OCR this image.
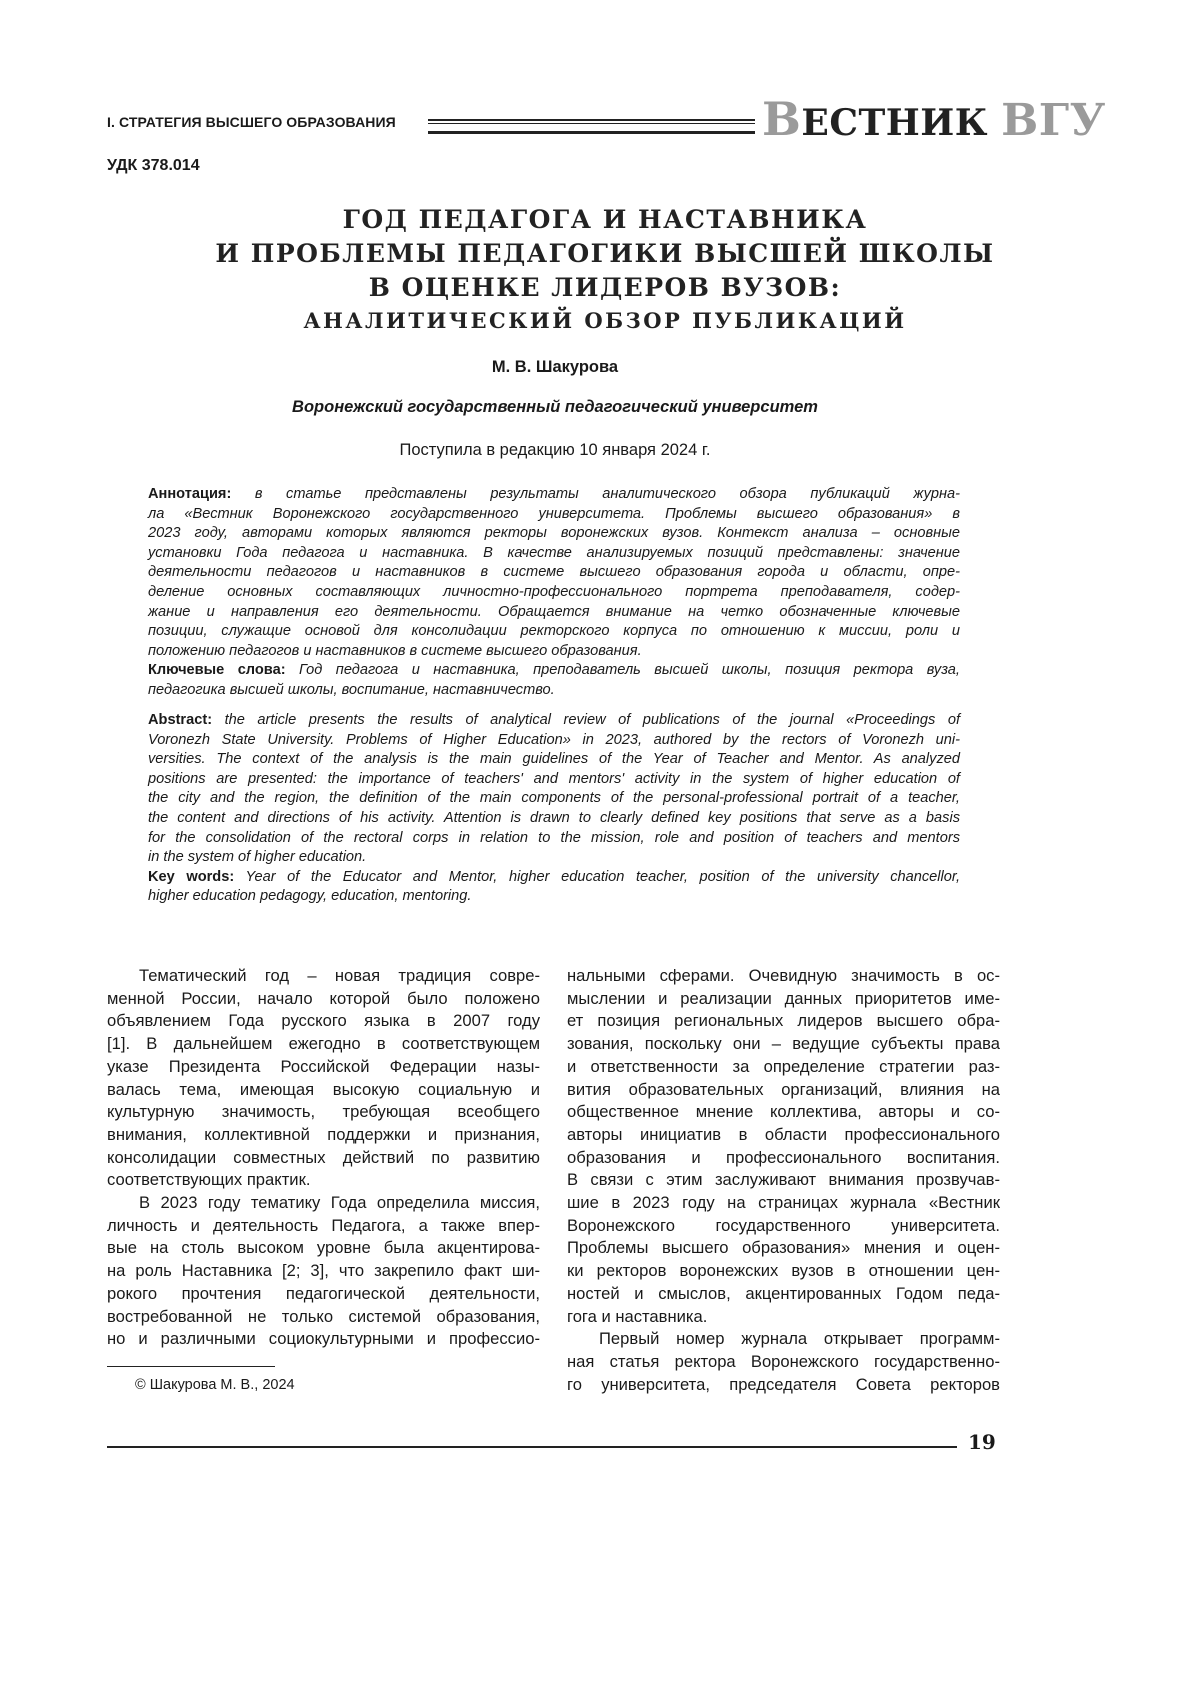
I. СТРАТЕГИЯ ВЫСШЕГО ОБРАЗОВАНИЯ	ВЕСТНИК ВГУ
УДК 378.014
ГОД ПЕДАГОГА И НАСТАВНИКА
И ПРОБЛЕМЫ ПЕДАГОГИКИ ВЫСШЕЙ ШКОЛЫ
В ОЦЕНКЕ ЛИДЕРОВ ВУЗОВ:
АНАЛИТИЧЕСКИЙ ОБЗОР ПУБЛИКАЦИЙ
М. В. Шакурова
Воронежский государственный педагогический университет
Поступила в редакцию 10 января 2024 г.
Аннотация: в статье представлены результаты аналитического обзора публикаций журна-
ла «Вестник Воронежского государственного университета. Проблемы высшего образования» в
2023 году, авторами которых являются ректоры воронежских вузов. Контекст анализа – основные
установки Года педагога и наставника. В качестве анализируемых позиций представлены: значение
деятельности педагогов и наставников в системе высшего образования города и области, опре-
деление основных составляющих личностно-профессионального портрета преподавателя, содер-
жание и направления его деятельности. Обращается внимание на четко обозначенные ключевые
позиции, служащие основой для консолидации ректорского корпуса по отношению к миссии, роли и
положению педагогов и наставников в системе высшего образования.
Ключевые слова: Год педагога и наставника, преподаватель высшей школы, позиция ректора вуза,
педагогика высшей школы, воспитание, наставничество.
Abstract: the article presents the results of analytical review of publications of the journal «Proceedings of
Voronezh State University. Problems of Higher Education» in 2023, authored by the rectors of Voronezh uni-
versities. The context of the analysis is the main guidelines of the Year of Teacher and Mentor. As analyzed
positions are presented: the importance of teachers' and mentors' activity in the system of higher education of
the city and the region, the definition of the main components of the personal-professional portrait of a teacher,
the content and directions of his activity. Attention is drawn to clearly defined key positions that serve as a basis
for the consolidation of the rectoral corps in relation to the mission, role and position of teachers and mentors
in the system of higher education.
Key words: Year of the Educator and Mentor, higher education teacher, position of the university chancellor,
higher education pedagogy, education, mentoring.
Тематический год – новая традиция совре-
менной России, начало которой было положено
объявлением Года русского языка в 2007 году
[1]. В дальнейшем ежегодно в соответствующем
указе Президента Российской Федерации назы-
валась тема, имеющая высокую социальную и
культурную значимость, требующая всеобщего
внимания, коллективной поддержки и признания,
консолидации совместных действий по развитию
соответствующих практик.
В 2023 году тематику Года определила миссия,
личность и деятельность Педагога, а также впер-
вые на столь высоком уровне была акцентирова-
на роль Наставника [2; 3], что закрепило факт ши-
рокого прочтения педагогической деятельности,
востребованной не только системой образования,
но и различными социокультурными и профессио-
нальными сферами. Очевидную значимость в ос-
мыслении и реализации данных приоритетов име-
ет позиция региональных лидеров высшего обра-
зования, поскольку они – ведущие субъекты права
и ответственности за определение стратегии раз-
вития образовательных организаций, влияния на
общественное мнение коллектива, авторы и со-
авторы инициатив в области профессионального
образования и профессионального воспитания.
В связи с этим заслуживают внимания прозвучав-
шие в 2023 году на страницах журнала «Вестник
Воронежского государственного университета.
Проблемы высшего образования» мнения и оцен-
ки ректоров воронежских вузов в отношении цен-
ностей и смыслов, акцентированных Годом педа-
гога и наставника.
Первый номер журнала открывает программ-
ная статья ректора Воронежского государственно-
го университета, председателя Совета ректоров
© Шакурова М. В., 2024
19
